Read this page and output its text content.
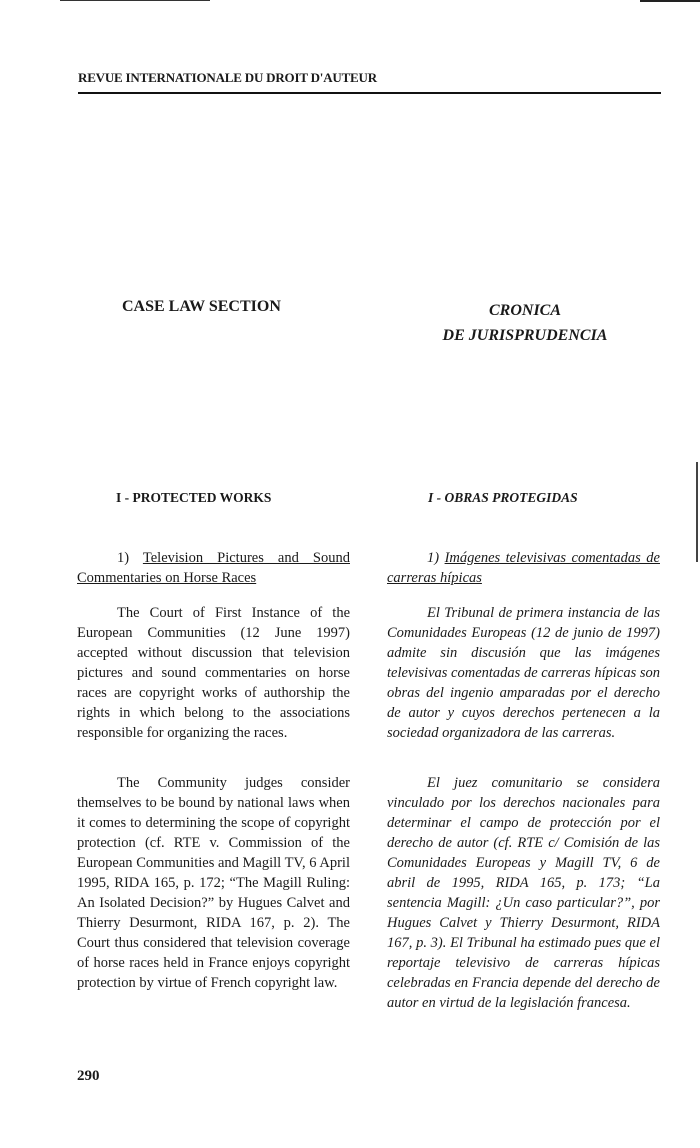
REVUE INTERNATIONALE DU DROIT D'AUTEUR
CASE LAW SECTION	CRONICA
DE JURISPRUDENCIA
I - PROTECTED WORKS	I - OBRAS PROTEGIDAS

1) Television Pictures and Sound Commentaries on Horse Races

The Court of First Instance of the European Communities (12 June 1997) accepted without discussion that television pictures and sound commentaries on horse races are copyright works of authorship the rights in which belong to the associations responsible for organizing the races.

The Community judges consider themselves to be bound by national laws when it comes to determining the scope of copyright protection (cf. RTE v. Commission of the European Communities and Magill TV, 6 April 1995, RIDA 165, p. 172; “The Magill Ruling: An Isolated Decision?” by Hugues Calvet and Thierry Desurmont, RIDA 167, p. 2). The Court thus considered that television coverage of horse races held in France enjoys copyright protection by virtue of French copyright law.

1) Imágenes televisivas comentadas de carreras hípicas

El Tribunal de primera instancia de las Comunidades Europeas (12 de junio de 1997) admite sin discusión que las imágenes televisivas comentadas de carreras hípicas son obras del ingenio amparadas por el derecho de autor y cuyos derechos pertenecen a la sociedad organizadora de las carreras.

El juez comunitario se considera vinculado por los derechos nacionales para determinar el campo de protección por el derecho de autor (cf. RTE c/ Comisión de las Comunidades Europeas y Magill TV, 6 de abril de 1995, RIDA 165, p. 173; “La sentencia Magill: ¿Un caso particular?”, por Hugues Calvet y Thierry Desurmont, RIDA 167, p. 3). El Tribunal ha estimado pues que el reportaje televisivo de carreras hípicas celebradas en Francia depende del derecho de autor en virtud de la legislación francesa.

290
